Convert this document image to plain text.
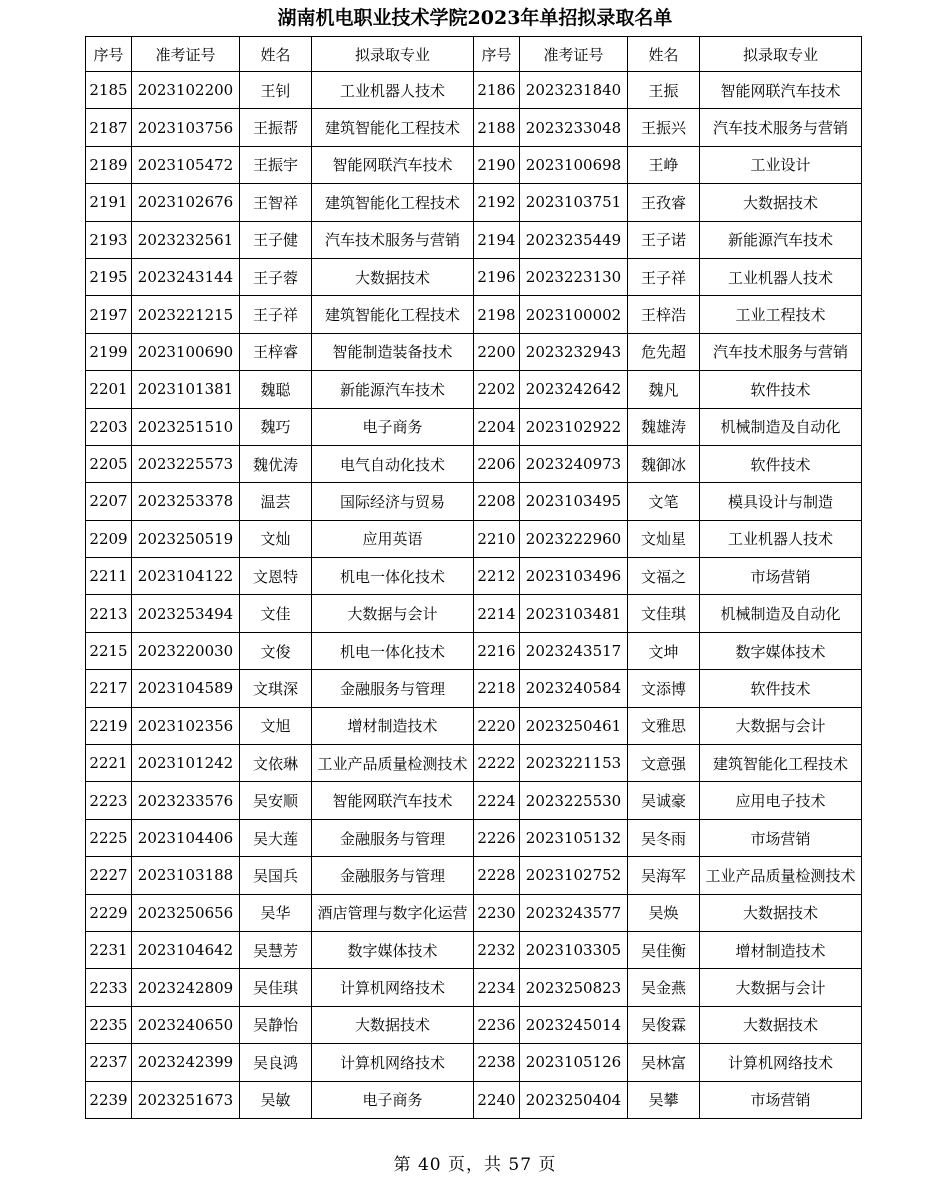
湖南机电职业技术学院2023年单招拟录取名单
序号	准考证号	姓名	拟录取专业	序号	准考证号	姓名	拟录取专业
2185	2023102200	王钊	工业机器人技术	2186	2023231840	王振	智能网联汽车技术
2187	2023103756	王振帮	建筑智能化工程技术	2188	2023233048	王振兴	汽车技术服务与营销
2189	2023105472	王振宇	智能网联汽车技术	2190	2023100698	王峥	工业设计
2191	2023102676	王智祥	建筑智能化工程技术	2192	2023103751	王孜睿	大数据技术
2193	2023232561	王子健	汽车技术服务与营销	2194	2023235449	王子诺	新能源汽车技术
2195	2023243144	王子蓉	大数据技术	2196	2023223130	王子祥	工业机器人技术
2197	2023221215	王子祥	建筑智能化工程技术	2198	2023100002	王梓浩	工业工程技术
2199	2023100690	王梓睿	智能制造装备技术	2200	2023232943	危先超	汽车技术服务与营销
2201	2023101381	魏聪	新能源汽车技术	2202	2023242642	魏凡	软件技术
2203	2023251510	魏巧	电子商务	2204	2023102922	魏雄涛	机械制造及自动化
2205	2023225573	魏优涛	电气自动化技术	2206	2023240973	魏御冰	软件技术
2207	2023253378	温芸	国际经济与贸易	2208	2023103495	文笔	模具设计与制造
2209	2023250519	文灿	应用英语	2210	2023222960	文灿星	工业机器人技术
2211	2023104122	文恩特	机电一体化技术	2212	2023103496	文福之	市场营销
2213	2023253494	文佳	大数据与会计	2214	2023103481	文佳琪	机械制造及自动化
2215	2023220030	文俊	机电一体化技术	2216	2023243517	文坤	数字媒体技术
2217	2023104589	文琪深	金融服务与管理	2218	2023240584	文添博	软件技术
2219	2023102356	文旭	增材制造技术	2220	2023250461	文雅思	大数据与会计
2221	2023101242	文依琳	工业产品质量检测技术	2222	2023221153	文意强	建筑智能化工程技术
2223	2023233576	吴安顺	智能网联汽车技术	2224	2023225530	吴诚豪	应用电子技术
2225	2023104406	吴大莲	金融服务与管理	2226	2023105132	吴冬雨	市场营销
2227	2023103188	吴国兵	金融服务与管理	2228	2023102752	吴海军	工业产品质量检测技术
2229	2023250656	吴华	酒店管理与数字化运营	2230	2023243577	吴焕	大数据技术
2231	2023104642	吴慧芳	数字媒体技术	2232	2023103305	吴佳衡	增材制造技术
2233	2023242809	吴佳琪	计算机网络技术	2234	2023250823	吴金燕	大数据与会计
2235	2023240650	吴静怡	大数据技术	2236	2023245014	吴俊霖	大数据技术
2237	2023242399	吴良鸿	计算机网络技术	2238	2023105126	吴林富	计算机网络技术
2239	2023251673	吴敏	电子商务	2240	2023250404	吴攀	市场营销
第 40 页，共 57 页
